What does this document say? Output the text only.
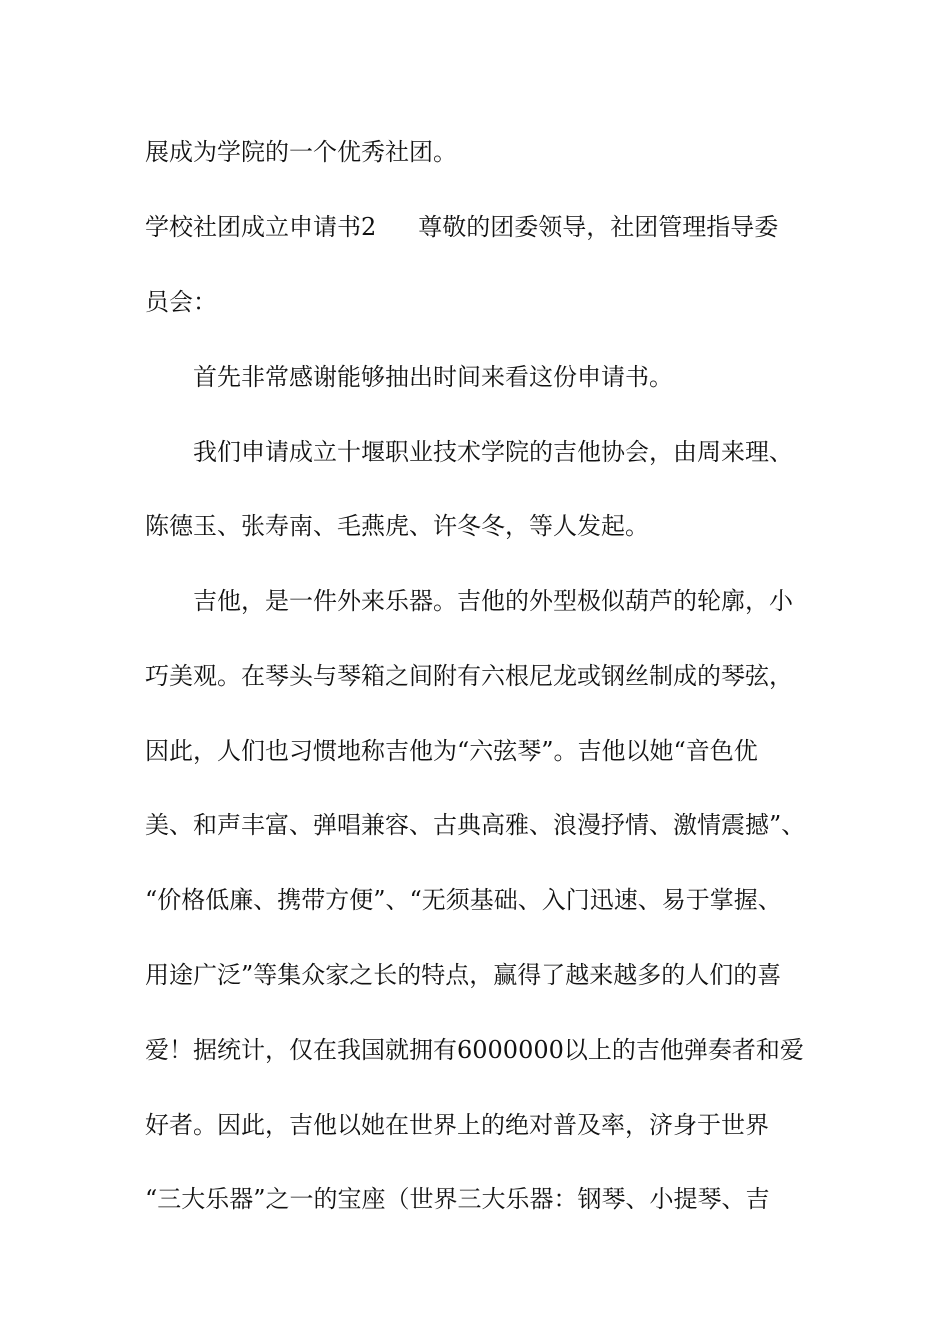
展成为学院的一个优秀社团。
学校社团成立申请书2 尊敬的团委领导，社团管理指导委
员会：
首先非常感谢能够抽出时间来看这份申请书。
我们申请成立十堰职业技术学院的吉他协会，由周来理、
陈德玉、张寿南、毛燕虎、许冬冬，等人发起。
吉他，是一件外来乐器。吉他的外型极似葫芦的轮廓，小
巧美观。在琴头与琴箱之间附有六根尼龙或钢丝制成的琴弦，
因此，人们也习惯地称吉他为“六弦琴”。吉他以她“音色优
美、和声丰富、弹唱兼容、古典高雅、浪漫抒情、激情震撼”、
“价格低廉、携带方便”、“无须基础、入门迅速、易于掌握、
用途广泛”等集众家之长的特点，赢得了越来越多的人们的喜
爱！据统计，仅在我国就拥有6000000以上的吉他弹奏者和爱
好者。因此，吉他以她在世界上的绝对普及率，济身于世界
“三大乐器”之一的宝座（世界三大乐器：钢琴、小提琴、吉
